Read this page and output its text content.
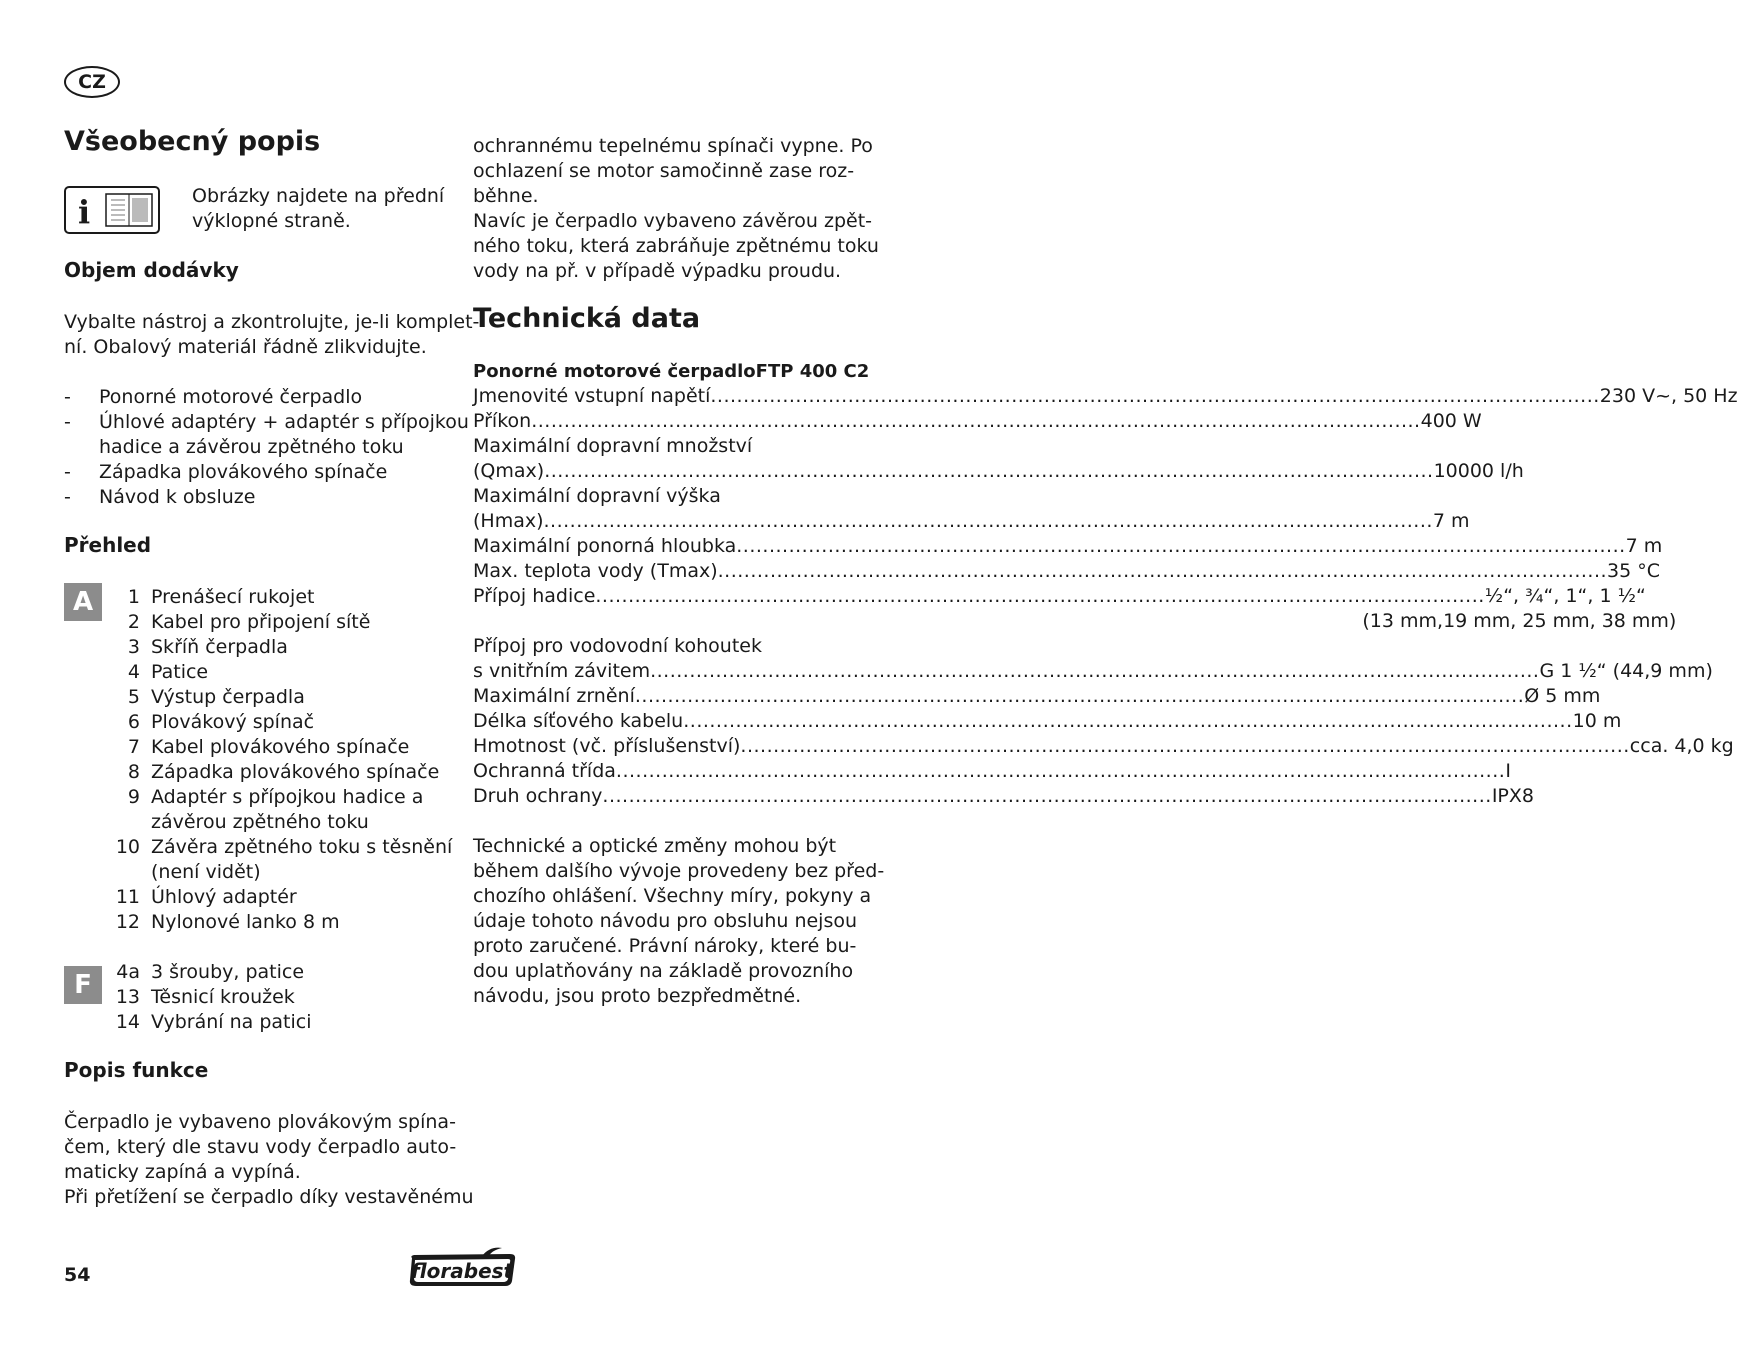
CZ
Všeobecný popis
i	Obrázky najdete na přední
výklopné straně.
Objem dodávky
Vybalte nástroj a zkontrolujte, je-li komplet-
ní. Obalový materiál řádně zlikvidujte.
-	Ponorné motorové čerpadlo
-	Úhlové adaptéry + adaptér s přípojkou
hadice a závěrou zpětného toku
-	Západka plovákového spínače
-	Návod k obsluze
Přehled
A	1 Prenášecí rukojet
2 Kabel pro připojení sítě
3 Skříň čerpadla
4 Patice
5 Výstup čerpadla
6 Plovákový spínač
7 Kabel plovákového spínače
8 Západka plovákového spínače
9 Adaptér s přípojkou hadice a
závěrou zpětného toku
10 Závěra zpětného toku s těsnění
(není vidět)
11 Úhlový adaptér
12 Nylonové lanko 8 m
F	4a 3 šrouby, patice
13 Těsnicí kroužek
14 Vybrání na patici
Popis funkce
Čerpadlo je vybaveno plovákovým spína-
čem, který dle stavu vody čerpadlo auto-
maticky zapíná a vypíná.
Při přetížení se čerpadlo díky vestavěnému
ochrannému tepelnému spínači vypne. Po
ochlazení se motor samočinně zase roz-
běhne.
Navíc je čerpadlo vybaveno závěrou zpět-
ného toku, která zabráňuje zpětnému toku
vody na př. v případě výpadku proudu.
Technická data
Ponorné motorové čerpadlo FTP 400 C2
Jmenovité vstupní napětí .....	230 V~, 50 Hz
Příkon .....	400 W
Maximální dopravní množství
(Qmax) .....	10000 l/h
Maximální dopravní výška
(Hmax) .....	7 m
Maximální ponorná hloubka .....	7 m
Max. teplota vody (Tmax) .....	35 °C
Přípoj hadice .....	½“, ¾“, 1“, 1 ½“
(13 mm,19 mm, 25 mm, 38 mm)
Přípoj pro vodovodní kohoutek
s vnitřním závitem .....	G 1 ½“ (44,9 mm)
Maximální zrnění .....	Ø 5 mm
Délka síťového kabelu .....	10 m
Hmotnost (vč. příslušenství) .....	cca. 4,0 kg
Ochranná třída .....	I
Druh ochrany .....	IPX8
Technické a optické změny mohou být
během dalšího vývoje provedeny bez před-
chozího ohlášení. Všechny míry, pokyny a
údaje tohoto návodu pro obsluhu nejsou
proto zaručené. Právní nároky, které bu-
dou uplatňovány na základě provozního
návodu, jsou proto bezpředmětné.
54	florabest
